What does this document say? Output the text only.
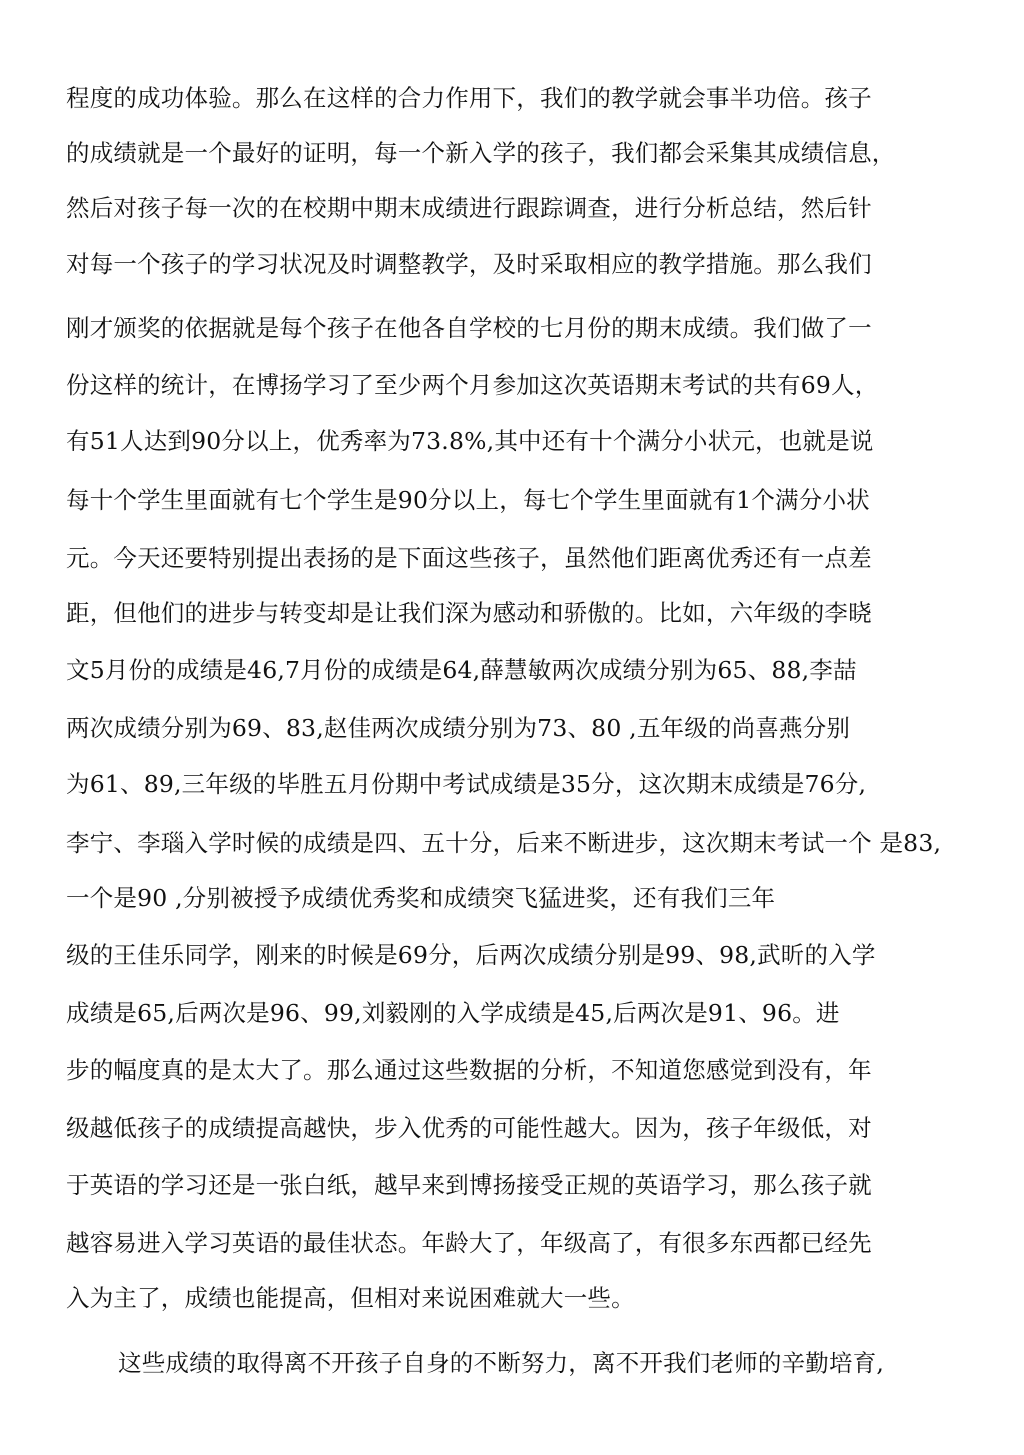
程度的成功体验。那么在这样的合力作用下，我们的教学就会事半功倍。孩子
的成绩就是一个最好的证明，每一个新入学的孩子，我们都会采集其成绩信息，
然后对孩子每一次的在校期中期末成绩进行跟踪调查，进行分析总结，然后针
对每一个孩子的学习状况及时调整教学，及时采取相应的教学措施。那么我们
刚才颁奖的依据就是每个孩子在他各自学校的七月份的期末成绩。我们做了一
份这样的统计，在博扬学习了至少两个月参加这次英语期末考试的共有69人，
有51人达到90分以上，优秀率为73.8%,其中还有十个满分小状元，也就是说
每十个学生里面就有七个学生是90分以上，每七个学生里面就有1个满分小状
元。今天还要特别提出表扬的是下面这些孩子，虽然他们距离优秀还有一点差
距，但他们的进步与转变却是让我们深为感动和骄傲的。比如，六年级的李晓
文5月份的成绩是46,7月份的成绩是64,薛慧敏两次成绩分别为65、88,李喆
两次成绩分别为69、83,赵佳两次成绩分别为73、80 ,五年级的尚喜燕分别
为61、89,三年级的毕胜五月份期中考试成绩是35分，这次期末成绩是76分,
李宁、李瑙入学时候的成绩是四、五十分，后来不断进步，这次期末考试一个 是83,
一个是90 ,分别被授予成绩优秀奖和成绩突飞猛进奖，还有我们三年
级的王佳乐同学，刚来的时候是69分，后两次成绩分别是99、98,武昕的入学
成绩是65,后两次是96、99,刘毅刚的入学成绩是45,后两次是91、96。进
步的幅度真的是太大了。那么通过这些数据的分析，不知道您感觉到没有，年
级越低孩子的成绩提高越快，步入优秀的可能性越大。因为，孩子年级低，对
于英语的学习还是一张白纸，越早来到博扬接受正规的英语学习，那么孩子就
越容易进入学习英语的最佳状态。年龄大了，年级高了，有很多东西都已经先
入为主了，成绩也能提高，但相对来说困难就大一些。
这些成绩的取得离不开孩子自身的不断努力，离不开我们老师的辛勤培育,
